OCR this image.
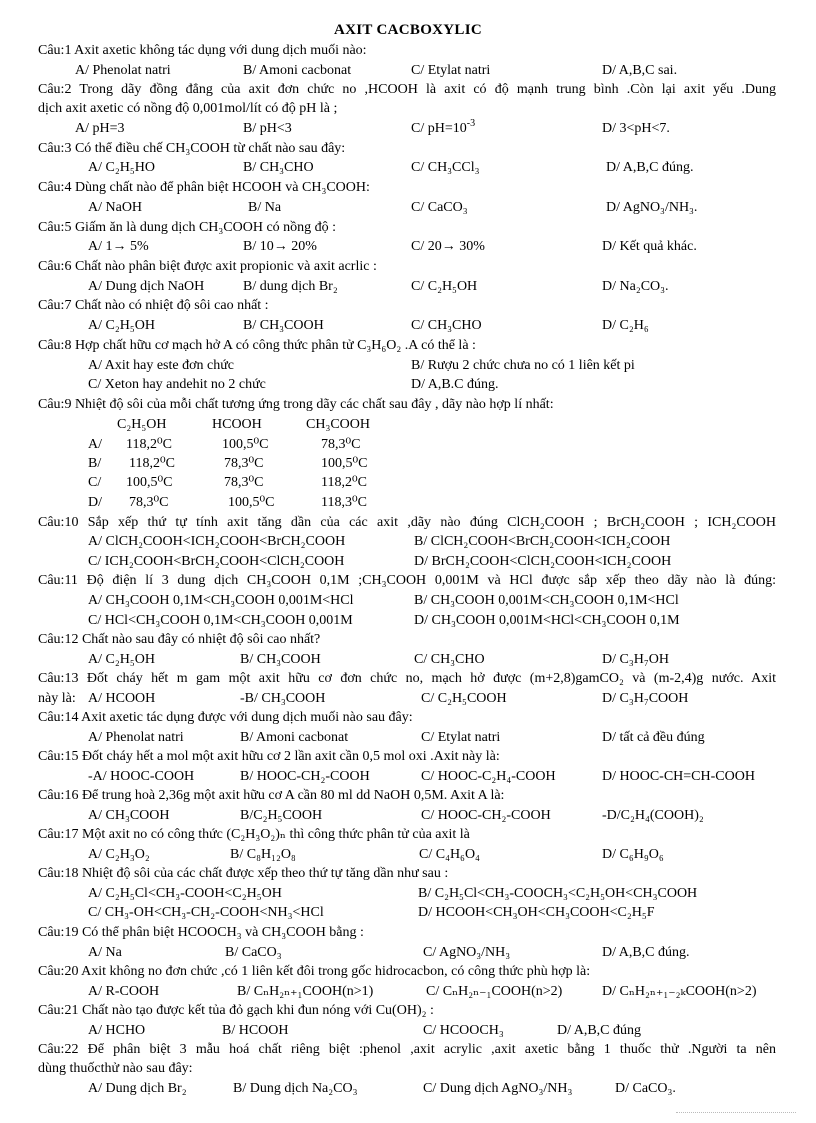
AXIT CACBOXYLIC
Câu:1 Axit axetic không tác dụng với dung dịch muối nào:
A/ Phenolat natri	B/ Amoni cacbonat	C/ Etylat natri	D/ A,B,C sai.
Câu:2 Trong dãy đồng đẳng của axit đơn chức no ,HCOOH là axit có độ mạnh trung bình .Còn lại axit yếu .Dung
dịch axit axetic có nồng độ 0,001mol/lít có độ pH là ;
A/ pH=3	B/ pH<3	C/ $pH=10^{-3}$	D/ 3<pH<7.
Câu:3 Có thể điều chế CH₃COOH từ chất nào sau đây:
A/ C₂H₅HO	B/ CH₃CHO	C/ CH₃CCl₃	D/ A,B,C đúng.
Câu:4 Dùng chất nào để phân biệt HCOOH và CH₃COOH:
A/ NaOH	B/ Na	C/ CaCO₃	D/ AgNO₃/NH₃.
Câu:5 Giấm ăn là dung dịch CH₃COOH có nồng độ :
A/ 1→ 5%	B/ 10→ 20%	C/ 20→ 30%	D/ Kết quả khác.
Câu:6 Chất nào phân biệt được axit propionic và axit acrlic :
A/ Dung dịch NaOH	B/ dung dịch Br₂	C/ C₂H₅OH	D/ Na₂CO₃.
Câu:7 Chất nào có nhiệt độ sôi cao nhất :
A/ C₂H₅OH	B/ CH₃COOH	C/ CH₃CHO	D/ C₂H₆
Câu:8 Hợp chất hữu cơ mạch hở A có công thức phân tử C₃H₆O₂ .A có thể là :
A/ Axit hay este đơn chức	B/ Rượu 2 chức chưa no có 1 liên kết pi
C/ Xeton hay andehit no 2 chức	D/ A,B.C đúng.
Câu:9 Nhiệt độ sôi của mỗi chất tương ứng trong dãy các chất sau đây , dãy nào hợp lí nhất:
C₂H₅OH	HCOOH	CH₃COOH
A/ 118,2⁰C	100,5⁰C	78,3⁰C
B/ 118,2⁰C	78,3⁰C	100,5⁰C
C/ 100,5⁰C	78,3⁰C	118,2⁰C
D/ 78,3⁰C	100,5⁰C	118,3⁰C
Câu:10 Sắp xếp thứ tự tính axit tăng dần của các axit ,dãy nào đúng ClCH₂COOH ; BrCH₂COOH ; ICH₂COOH
A/ ClCH₂COOH<ICH₂COOH<BrCH₂COOH	B/ ClCH₂COOH<BrCH₂COOH<ICH₂COOH
C/ ICH₂COOH<BrCH₂COOH<ClCH₂COOH	D/ BrCH₂COOH<ClCH₂COOH<ICH₂COOH
Câu:11 Độ điện lí 3 dung dịch CH₃COOH 0,1M ;CH₃COOH 0,001M và HCl được sắp xếp theo dãy nào là đúng:
A/ CH₃COOH 0,1M<CH₃COOH 0,001M<HCl	B/ CH₃COOH 0,001M<CH₃COOH 0,1M<HCl
C/ HCl<CH₃COOH 0,1M<CH₃COOH 0,001M	D/ CH₃COOH 0,001M<HCl<CH₃COOH 0,1M
Câu:12 Chất nào sau đây có nhiệt độ sôi cao nhất?
A/ C₂H₅OH	B/ CH₃COOH	C/ CH₃CHO	D/ C₃H₇OH
Câu:13 Đốt cháy hết m gam một axit hữu cơ đơn chức no, mạch hở được (m+2,8)gamCO₂ và (m-2,4)g nước. Axit
này là: A/ HCOOH	-B/ CH₃COOH	C/ C₂H₅COOH	D/ C₃H₇COOH
Câu:14 Axit axetic tác dụng được với dung dịch muối nào sau đây:
A/ Phenolat natri	B/ Amoni cacbonat	C/ Etylat natri	D/ tất cả đều đúng
Câu:15 Đốt cháy hết a mol một axit hữu cơ 2 lần axit cần 0,5 mol oxi .Axit này là:
-A/ HOOC-COOH	B/ HOOC-CH₂-COOH	C/ HOOC-C₂H₄-COOH	D/ HOOC-CH=CH-COOH
Câu:16 Để trung hoà 2,36g một axit hữu cơ A cần 80 ml dd NaOH 0,5M. Axit A là:
A/ CH₃COOH	B/C₂H₅COOH	C/ HOOC-CH₂-COOH	-D/C₂H₄(COOH)₂
Câu:17 Một axit no có công thức (C₂H₃O₂)ₙ thì công thức phân tử của axit là
A/ C₂H₃O₂	B/ C₈H₁₂O₈	C/ C₄H₆O₄	D/ C₆H₉O₆
Câu:18 Nhiệt độ sôi của các chất được xếp theo thứ tự tăng dần như sau :
A/ C₂H₅Cl<CH₃-COOH<C₂H₅OH	B/ C₂H₅Cl<CH₃-COOCH₃<C₂H₅OH<CH₃COOH
C/ CH₃-OH<CH₃-CH₂-COOH<NH₃<HCl	D/ HCOOH<CH₃OH<CH₃COOH<C₂H₅F
Câu:19 Có thể phân biệt HCOOCH₃ và CH₃COOH bằng :
A/ Na	B/ CaCO₃	C/ AgNO₃/NH₃	D/ A,B,C đúng.
Câu:20 Axit không no đơn chức ,có 1 liên kết đôi trong gốc hidrocacbon, có công thức phù hợp là:
A/ R-COOH	B/ CₙH₂ₙ₊₁COOH(n>1)	C/ CₙH₂ₙ₋₁COOH(n>2)	D/ CₙH₂ₙ₊₁₋₂ₖCOOH(n>2)
Câu:21 Chất nào tạo được kết tủa đỏ gạch khi đun nóng với Cu(OH)₂ :
A/ HCHO	B/ HCOOH	C/ HCOOCH₃	D/ A,B,C đúng
Câu:22 Để phân biệt 3 mẫu hoá chất riêng biệt :phenol ,axit acrylic ,axit axetic bằng 1 thuốc thử .Người ta nên
dùng thuốcthử nào sau đây:
A/ Dung dịch Br₂	B/ Dung dịch Na₂CO₃	C/ Dung dịch AgNO₃/NH₃	D/ CaCO₃.
